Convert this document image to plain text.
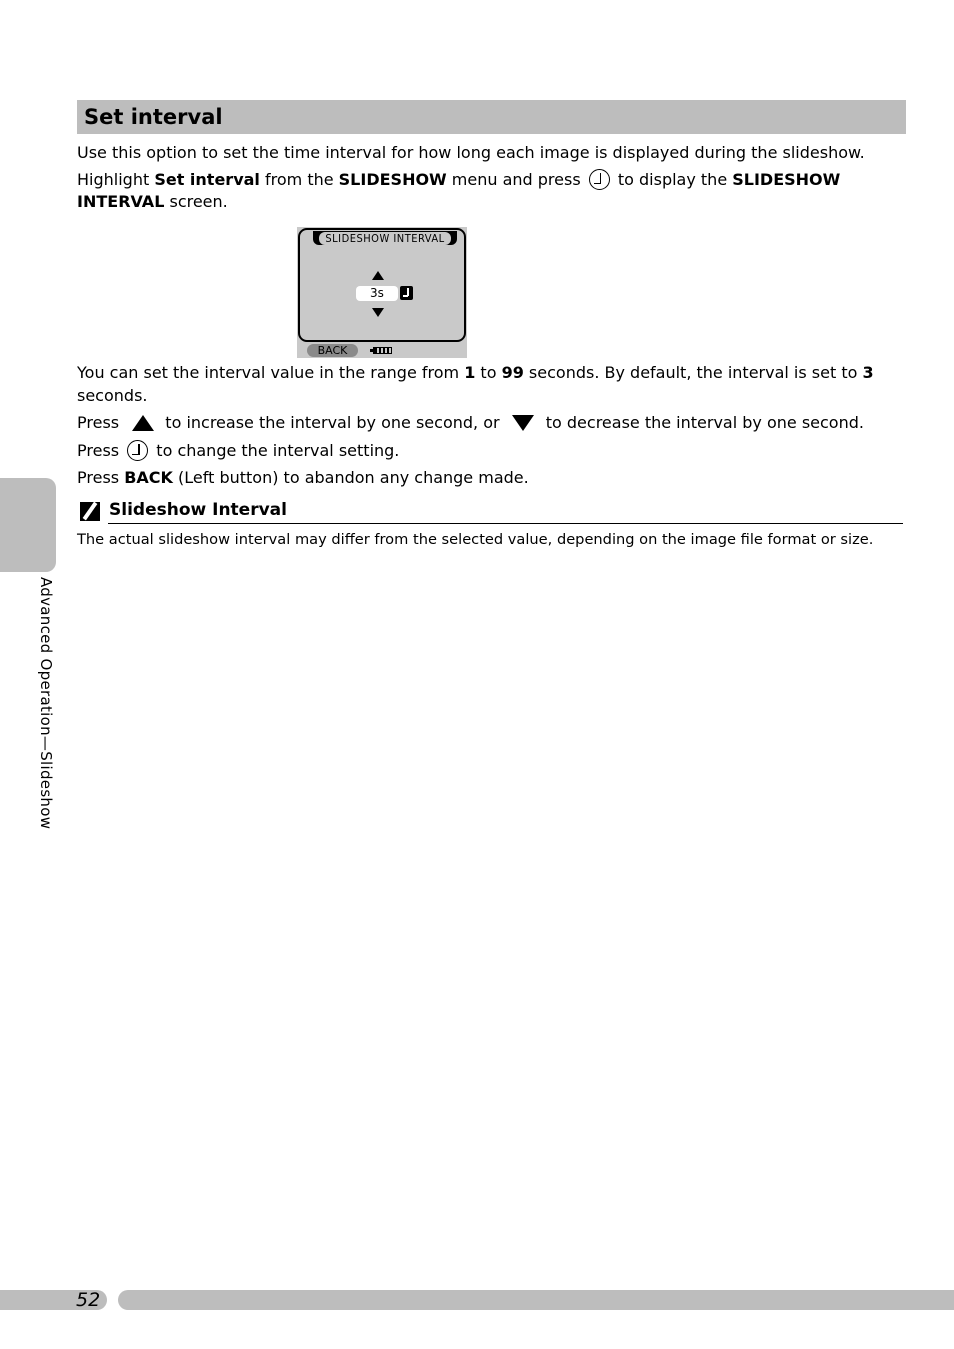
Set interval

Use this option to set the time interval for how long each image is displayed during the slideshow.

Highlight Set interval from the SLIDESHOW menu and press  to display the SLIDESHOW

INTERVAL screen.

SLIDESHOW INTERVAL
3s
BACK

You can set the interval value in the range from 1 to 99 seconds. By default, the interval is set to 3

seconds.

Press  to increase the interval by one second, or  to decrease the interval by one second.

Press  to change the interval setting.

Press BACK (Left button) to abandon any change made.

Slideshow Interval

The actual slideshow interval may differ from the selected value, depending on the image file format or size.

Advanced Operation—Slideshow
52
